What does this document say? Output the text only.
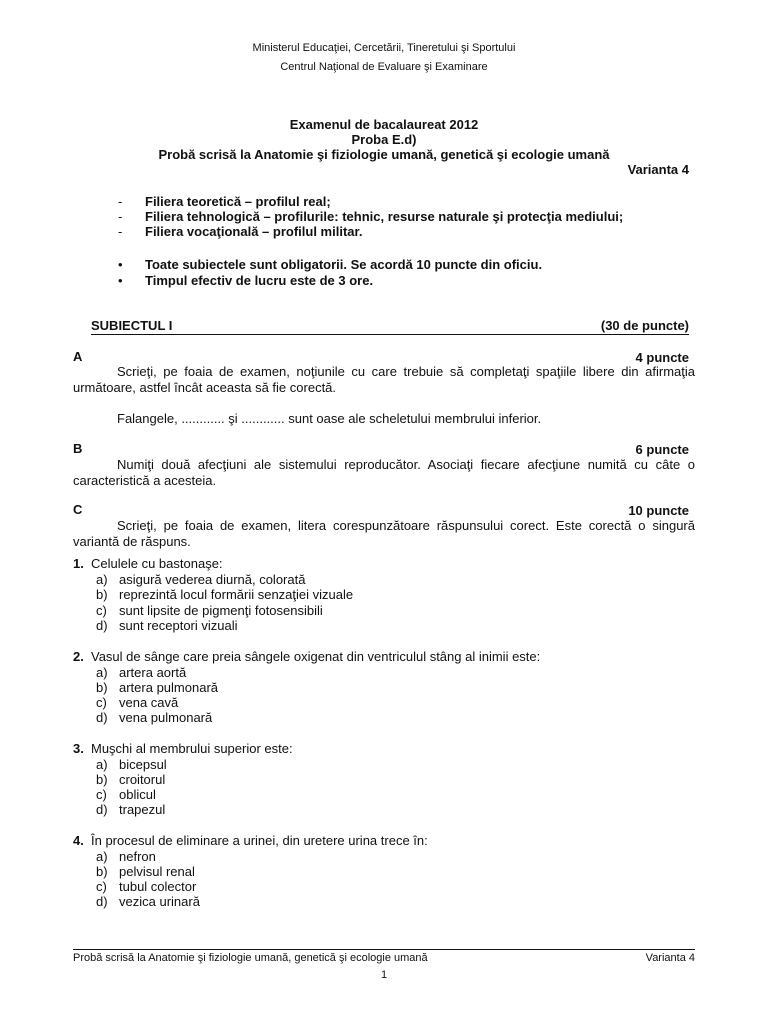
Ministerul Educaţiei, Cercetării, Tineretului şi Sportului
Centrul Naţional de Evaluare şi Examinare
Examenul de bacalaureat 2012
Proba E.d)
Probă scrisă la Anatomie şi fiziologie umană, genetică şi ecologie umană
Varianta 4
- Filiera teoretică – profilul real;
- Filiera tehnologică – profilurile: tehnic, resurse naturale şi protecţia mediului;
- Filiera vocaţională – profilul militar.
• Toate subiectele sunt obligatorii. Se acordă 10 puncte din oficiu.
• Timpul efectiv de lucru este de 3 ore.
SUBIECTUL I	(30 de puncte)
A	4 puncte
Scrieţi, pe foaia de examen, noţiunile cu care trebuie să completaţi spaţiile libere din afirmaţia următoare, astfel încât aceasta să fie corectă.
Falangele, ............ şi ............ sunt oase ale scheletului membrului inferior.
B	6 puncte
Numiţi două afecţiuni ale sistemului reproducător. Asociaţi fiecare afecţiune numită cu câte o caracteristică a acesteia.
C	10 puncte
Scrieţi, pe foaia de examen, litera corespunzătoare răspunsului corect. Este corectă o singură variantă de răspuns.
1. Celulele cu bastonaşe:
a) asigură vederea diurnă, colorată
b) reprezintă locul formării senzaţiei vizuale
c) sunt lipsite de pigmenţi fotosensibili
d) sunt receptori vizuali
2. Vasul de sânge care preia sângele oxigenat din ventriculul stâng al inimii este:
a) artera aortă
b) artera pulmonară
c) vena cavă
d) vena pulmonară
3. Muşchi al membrului superior este:
a) bicepsul
b) croitorul
c) oblicul
d) trapezul
4. În procesul de eliminare a urinei, din uretere urina trece în:
a) nefron
b) pelvisul renal
c) tubul colector
d) vezica urinară
Probă scrisă la Anatomie şi fiziologie umană, genetică şi ecologie umană	Varianta 4
1
